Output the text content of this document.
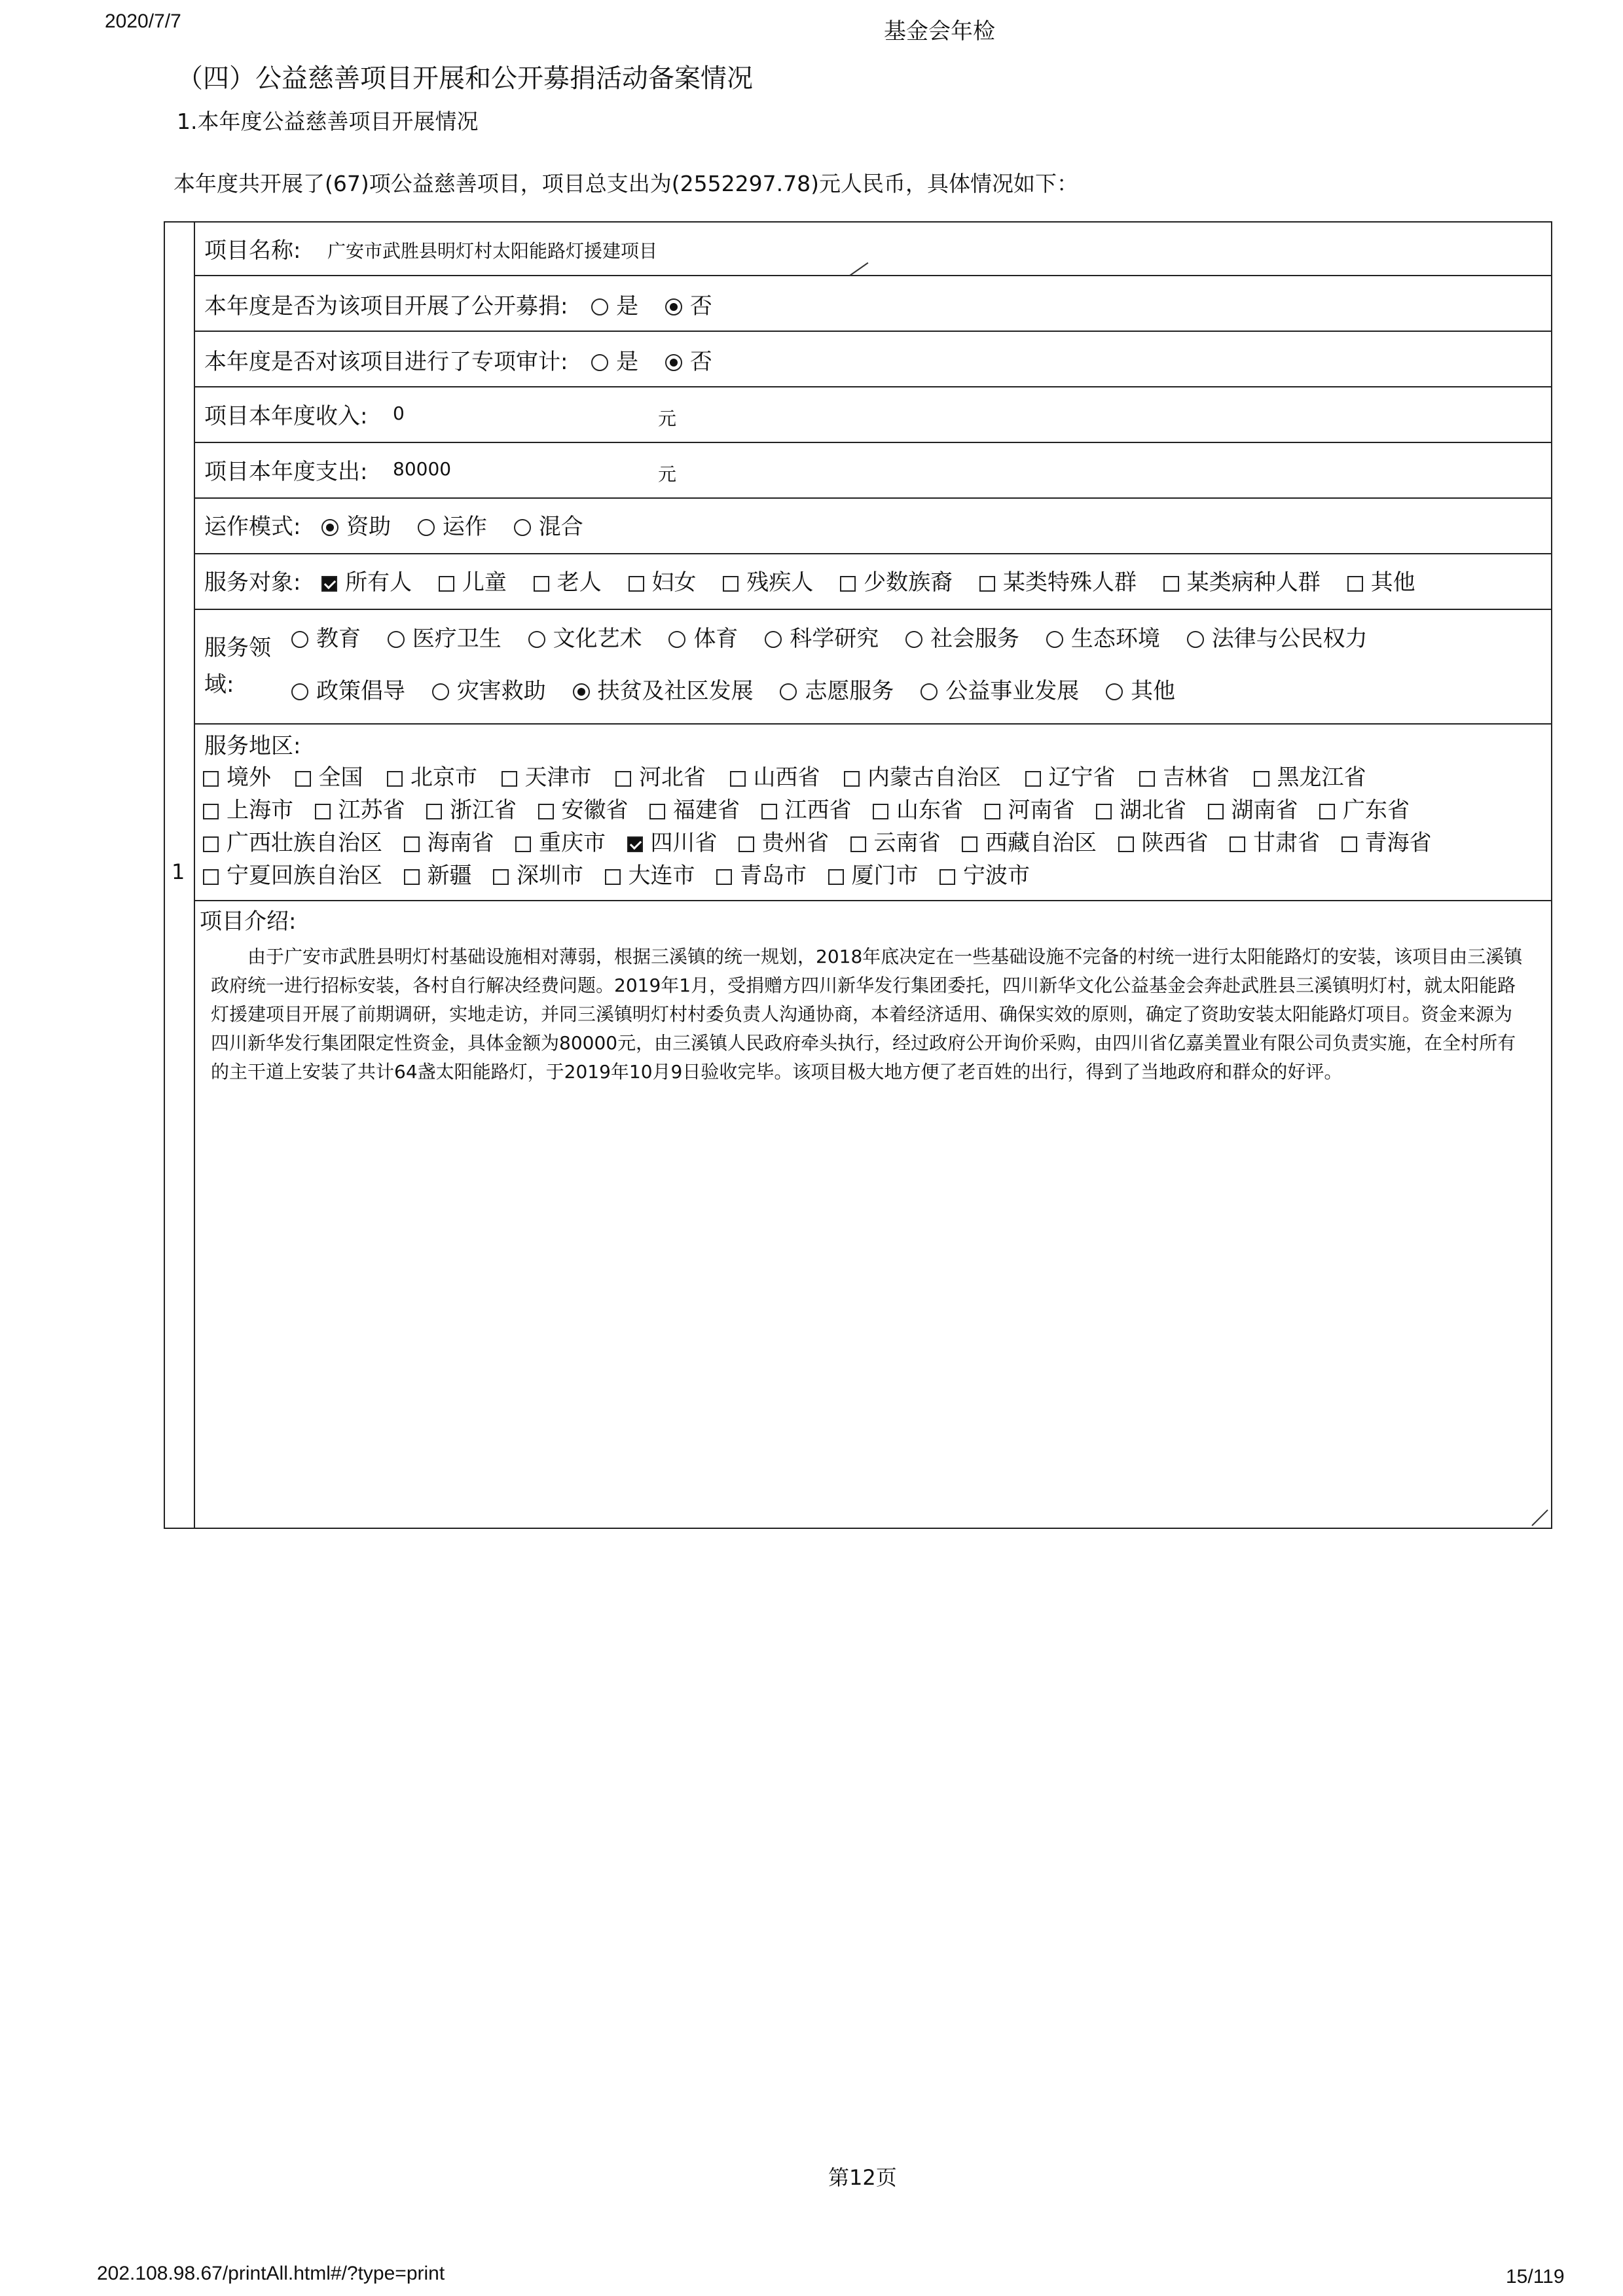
2020/7/7	基金会年检
（四）公益慈善项目开展和公开募捐活动备案情况
1.本年度公益慈善项目开展情况
本年度共开展了(67)项公益慈善项目，项目总支出为(2552297.78)元人民币，具体情况如下：
1
项目名称: 广安市武胜县明灯村太阳能路灯援建项目
本年度是否为该项目开展了公开募捐: 是 否
本年度是否对该项目进行了专项审计: 是 否
项目本年度收入: 0	元
项目本年度支出: 80000	元
运作模式: 资助 运作 混合
服务对象: 所有人 儿童 老人 妇女 残疾人 少数族裔 某类特殊人群 某类病种人群 其他
服务领
域:
教育 医疗卫生 文化艺术 体育 科学研究 社会服务 生态环境 法律与公民权力
政策倡导 灾害救助 扶贫及社区发展 志愿服务 公益事业发展 其他
服务地区:
境外 全国 北京市 天津市 河北省 山西省 内蒙古自治区 辽宁省 吉林省 黑龙江省
上海市 江苏省 浙江省 安徽省 福建省 江西省 山东省 河南省 湖北省 湖南省 广东省
广西壮族自治区 海南省 重庆市 四川省 贵州省 云南省 西藏自治区 陕西省 甘肃省 青海省
宁夏回族自治区 新疆 深圳市 大连市 青岛市 厦门市 宁波市
项目介绍:
由于广安市武胜县明灯村基础设施相对薄弱，根据三溪镇的统一规划，2018年底决定在一些基础设施不完备的村统一进行太阳能路灯的安装，该项目由三溪镇政府统一进行招标安装，各村自行解决经费问题。2019年1月，受捐赠方四川新华发行集团委托，四川新华文化公益基金会奔赴武胜县三溪镇明灯村，就太阳能路灯援建项目开展了前期调研，实地走访，并同三溪镇明灯村村委负责人沟通协商，本着经济适用、确保实效的原则，确定了资助安装太阳能路灯项目。资金来源为四川新华发行集团限定性资金，具体金额为80000元，由三溪镇人民政府牵头执行，经过政府公开询价采购，由四川省亿嘉美置业有限公司负责实施，在全村所有的主干道上安装了共计64盏太阳能路灯，于2019年10月9日验收完毕。该项目极大地方便了老百姓的出行，得到了当地政府和群众的好评。
第12页
202.108.98.67/printAll.html#/?type=print	15/119
